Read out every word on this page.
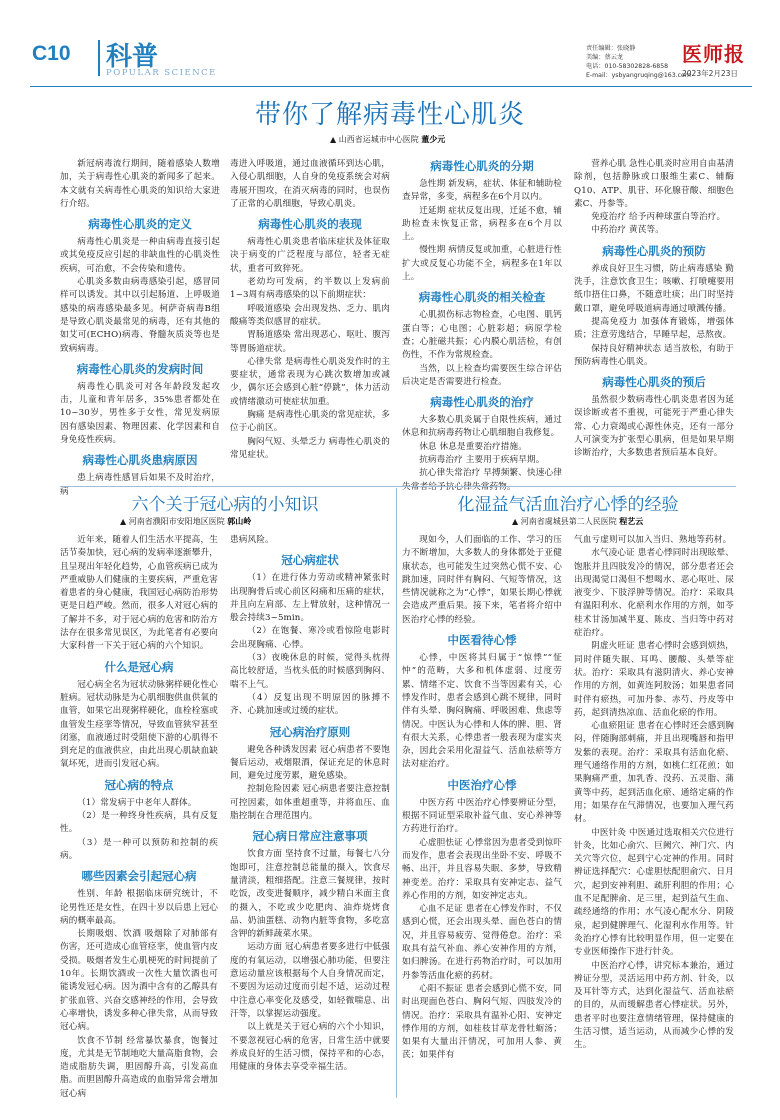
C10 科普
POPULAR SCIENCE
责任编辑：张晓静
美编：蔡云龙
电话：010-58302828-6858
E-mail：ysbyangruqing@163.com
医师报
2023年2月23日
带你了解病毒性心肌炎
▲ 山西省运城市中心医院 董少元

新冠病毒流行期间，随着感染人数增加，关于病毒性心肌炎的新闻多了起来。本文就有关病毒性心肌炎的知识给大家进行介绍。

病毒性心肌炎的定义

病毒性心肌炎是一种由病毒直接引起或其免疫反应引起的非缺血性的心肌炎性疾病，可治愈，不会传染和遗传。

心肌炎多数由病毒感染引起，感冒同样可以诱发。其中以引起肠道、上呼吸道感染的病毒感染最多见。柯萨奇病毒B组是导致心肌炎最常见的病毒，还有其他的如艾可(ECHO)病毒、脊髓灰质炎等也是致病病毒。

病毒性心肌炎的发病时间

病毒性心肌炎可对各年龄段发起攻击，儿童和青年居多，35%患者都处在10~30岁，男性多于女性，常见发病原因有感染因素、物理因素、化学因素和自身免疫性疾病。

病毒性心肌炎患病原因

患上病毒性感冒后如果不及时治疗，病

毒进入呼吸道，通过血液循环到达心肌，入侵心肌细胞，人自身的免疫系统会对病毒展开围攻，在消灭病毒的同时，也误伤了正常的心肌细胞，导致心肌炎。

病毒性心肌炎的表现

病毒性心肌炎患者临床症状及体征取决于病变的广泛程度与部位，轻者无症状，重者可致猝死。

老幼均可发病，约半数以上发病前1~3周有病毒感染的以下前期症状：

呼吸道感染 会出现发热、乏力、肌肉酸痛等类似感冒的症状。

胃肠道感染 常出现恶心、呕吐、腹泻等胃肠道症状。

心律失常 是病毒性心肌炎发作时的主要症状，通常表现为心跳次数增加或减少，偶尔还会感到心脏“停跳”，体力活动或情绪激动可使症状加重。

胸痛 是病毒性心肌炎的常见症状，多位于心前区。

胸闷气短、头晕乏力 病毒性心肌炎的常见症状。

病毒性心肌炎的分期

急性期 新发病，症状、体征和辅助检查异常，多变，病程多在6个月以内。

迁延期 症状反复出现，迁延不愈，辅助检查未恢复正常，病程多在6个月以上。

慢性期 病情反复或加重，心脏进行性扩大或反复心功能不全，病程多在1年以上。

病毒性心肌炎的相关检查

心肌损伤标志物检查，心电图、肌钙蛋白等；心电图；心脏彩超；病原学检查；心脏磁共振；心内膜心肌活检，有创伤性，不作为常规检查。

当然，以上检查均需要医生综合评估后决定是否需要进行检查。

病毒性心肌炎的治疗

大多数心肌炎属于自限性疾病，通过休息和抗病毒药物让心肌细胞自我修复。

休息 休息是重要治疗措施。

抗病毒治疗 主要用于疾病早期。

抗心律失常治疗 早搏频繁、快速心律

营养心肌 急性心肌炎时应用自由基清除剂，包括静脉或口服维生素C、辅酶Q10、ATP、肌苷、环化腺苷酸、细胞色素C、丹参等。

免疫治疗 给予丙种球蛋白等治疗。

中药治疗 黄芪等。

病毒性心肌炎的预防

养成良好卫生习惯，防止病毒感染 勤洗手，注意饮食卫生；咳嗽、打喷嚏要用纸巾捂住口鼻，不随意吐痰；出门时坚持戴口罩，避免呼吸道病毒通过喷溅传播。

提高免疫力 加强体育锻炼，增强体质；注意劳逸结合，早睡早起，忌熬夜。

保持良好精神状态 适当放松，有助于预防病毒性心肌炎。

病毒性心肌炎的预后

虽然很少数病毒性心肌炎患者因为延误诊断或者不重视，可能死于严重心律失常、心力衰竭或心源性休克，还有一部分人可演变为扩张型心肌病，但是如果早期诊断治疗，大多数患者预后基本良好。

六个关于冠心病的小知识
▲ 河南省濮阳市安阳地区医院 郭山岭

近年来，随着人们生活水平提高，生活节奏加快，冠心病的发病率逐渐攀升，且呈现出年轻化趋势，心血管疾病已成为严重威胁人们健康的主要疾病，严重危害着患者的身心健康，我国冠心病防治形势更是日趋严峻。然而，很多人对冠心病的了解并不多，对于冠心病的危害和防治方法存在很多常见误区，为此笔者有必要向大家科普一下关于冠心病的六个知识。

什么是冠心病

冠心病全名为冠状动脉粥样硬化性心脏病。冠状动脉是为心肌细胞供血供氧的血管，如果它出现粥样硬化，血栓栓塞或血管发生痉挛等情况，导致血管狭窄甚至闭塞，血液通过时受阻使下游的心肌得不到充足的血液供应，由此出现心肌缺血缺氧坏死，进而引发冠心病。

冠心病的特点

（1）常发病于中老年人群体。

（2）是一种终身性疾病，具有反复性。

（3）是一种可以预防和控制的疾病。

哪些因素会引起冠心病

性别、年龄 根据临床研究统计，不论男性还是女性，在四十岁以后患上冠心病的概率最高。

长期吸烟、饮酒 吸烟除了对肺部有伤害，还可造成心血管痉挛，使血管内皮受损。吸烟者发生心肌梗死的时间提前了10年。长期饮酒或一次性大量饮酒也可能诱发冠心病。因为酒中含有的乙醇具有扩张血管、兴奋交感神经的作用，会导致心率增快，诱发多种心律失常，从而导致冠心病。

饮食不节制 经常暴饮暴食，饱餐过度，尤其是无节制地吃大量高脂食物，会造成脂肪失调，胆固醇升高，引发高血脂。而胆固醇升高造成的血脂异常会增加冠心病

患病风险。

冠心病症状

（1）在进行体力劳动或精神紧张时出现胸骨后或心前区闷痛和压痛的症状，并且向左肩部、左上臂放射，这种情况一般会持续3~5min。

（2）在饱餐、寒冷或看惊险电影时会出现胸痛、心悸。

（3）夜晚休息的时候，觉得头枕得高比较舒适，当枕头低的时候感到胸闷、喘不上气。

（4）反复出现不明原因的脉搏不齐、心跳加速或过缓的症状。

冠心病治疗原则

避免各种诱发因素 冠心病患者不要饱餐后运动，戒烟限酒，保证充足的休息时间，避免过度劳累，避免感染。

控制危险因素 冠心病患者要注意控制可控因素，如体重超重等，并将血压、血脂控制在合理范围内。

冠心病日常应注意事项

饮食方面 坚持食不过量，每餐七八分饱即可，注意控制总能量的摄入，饮食尽量清淡，粗细搭配。注意三餐规律，按时吃饭，改变进餐顺序，减少精白米面主食的摄入，不吃或少吃肥肉、油炸烧烤食品、奶油蛋糕、动物内脏等食物，多吃富含钾的新鲜蔬菜水果。

运动方面 冠心病患者要多进行中低强度的有氧运动，以增强心肺功能，但要注意运动量应该根据每个人自身情况而定，不要因为运动过度而引起不适，运动过程中注意心率变化及感受，如轻微喘息、出汗等，以掌握运动强度。

以上就是关于冠心病的六个小知识，不要忽视冠心病的危害，日常生活中就要养成良好的生活习惯，保持平和的心态，用健康的身体去享受幸福生活。

化湿益气活血治疗心悸的经验
▲ 河南省虞城县第二人民医院 程艺云

现如今，人们面临的工作、学习的压力不断增加，大多数人的身体都处于亚健康状态，也可能发生过突然心慌不安、心跳加速，同时伴有胸闷、气短等情况，这些情况就称之为“心悸”，如果长期心悸就会造成严重后果。接下来，笔者将介绍中医治疗心悸的经验。

中医看待心悸

心悸，中医将其归属于“惊悸”“怔忡”的范畴，大多和机体虚弱、过度劳累、情绪不定、饮食不当等因素有关，心悸发作时，患者会感到心跳不规律，同时伴有头晕、胸闷胸痛、呼吸困难、焦虑等情况。中医认为心悸和人体的脾、胆、肾有很大关系，心悸患者一般表现为虚实夹杂，因此会采用化湿益气、活血祛瘀等方法对症治疗。

中医治疗心悸

中医方药 中医治疗心悸要辨证分型，根据不同证型采取补益气血、安心养神等方药进行治疗。

心虚胆怯证 心悸常因为患者受到惊吓而发作，患者会表现出坐卧不安、呼吸不畅、出汗，并且容易失眠、多梦，导致精神变差。治疗：采取具有安神定志、益气养心作用的方剂，如安神定志丸。

心血不足证 患者在心悸发作时，不仅感到心慌，还会出现头晕、面色苍白的情况，并且容易疲劳、觉得倦怠。治疗：采取具有益气补血、养心安神作用的方剂，如归脾汤。在进行药物治疗时，可以加用丹参等活血化瘀的药材。

心阳不振证 患者会感到心慌不安，同时出现面色苍白、胸闷气短、四肢发冷的情况。治疗：采取具有温补心阳、安神定悸作用的方剂，如桂枝甘草龙骨牡蛎汤；如果有大量出汗情况，可加用人参、黄芪；如果伴有

气血亏虚则可以加入当归、熟地等药材。

水气凌心证 患者心悸同时出现眩晕、饱胀并且四肢发冷的情况，部分患者还会出现渴觉口渴但不想喝水、恶心呕吐、尿液变少、下肢浮肿等情况。治疗：采取具有温阳利水、化瘀利水作用的方剂，如苓桂术甘汤加减半夏、陈皮、当归等中药对症治疗。

阴虚火旺证 患者心悸时会感到烦热，同时伴随失眠、耳鸣、腰酸、头晕等症状。治疗：采取具有滋阴清火、养心安神作用的方剂，如黄连阿胶汤；如果患者同时伴有瘀热，可加丹参、赤芍、丹皮等中药，起到清热凉血、活血化瘀的作用。

心血瘀阻证 患者在心悸时还会感到胸闷，伴随胸部刺痛，并且出现嘴唇和指甲发紫的表现。治疗：采取具有活血化瘀、理气通络作用的方剂，如桃仁红花煎；如果胸痛严重，加乳香、没药、五灵脂、蒲黄等中药，起到活血化瘀、通络定痛的作用；如果存在气滞情况，也要加入理气药材。

中医针灸 中医通过选取相关穴位进行针灸，比如心俞穴、巨阙穴、神门穴、内关穴等穴位，起到宁心定神的作用。同时辨证选择配穴：心虚胆怯配胆俞穴、日月穴，起到安神利胆、疏肝利胆的作用；心血不足配脾俞、足三里，起到益气生血、疏经通络的作用；水气凌心配水分、阴陵泉，起到健脾理气、化湿利水作用等。针灸治疗心悸有比较明显作用，但一定要在专业医师操作下进行针灸。

中医治疗心悸，讲究标本兼治，通过辨证分型，灵活运用中药方剂、针灸，以及耳针等方式，达到化湿益气、活血祛瘀的目的，从而缓解患者心悸症状。另外，患者平时也要注意情绪管理，保持健康的生活习惯，适当运动，从而减少心悸的发生。
